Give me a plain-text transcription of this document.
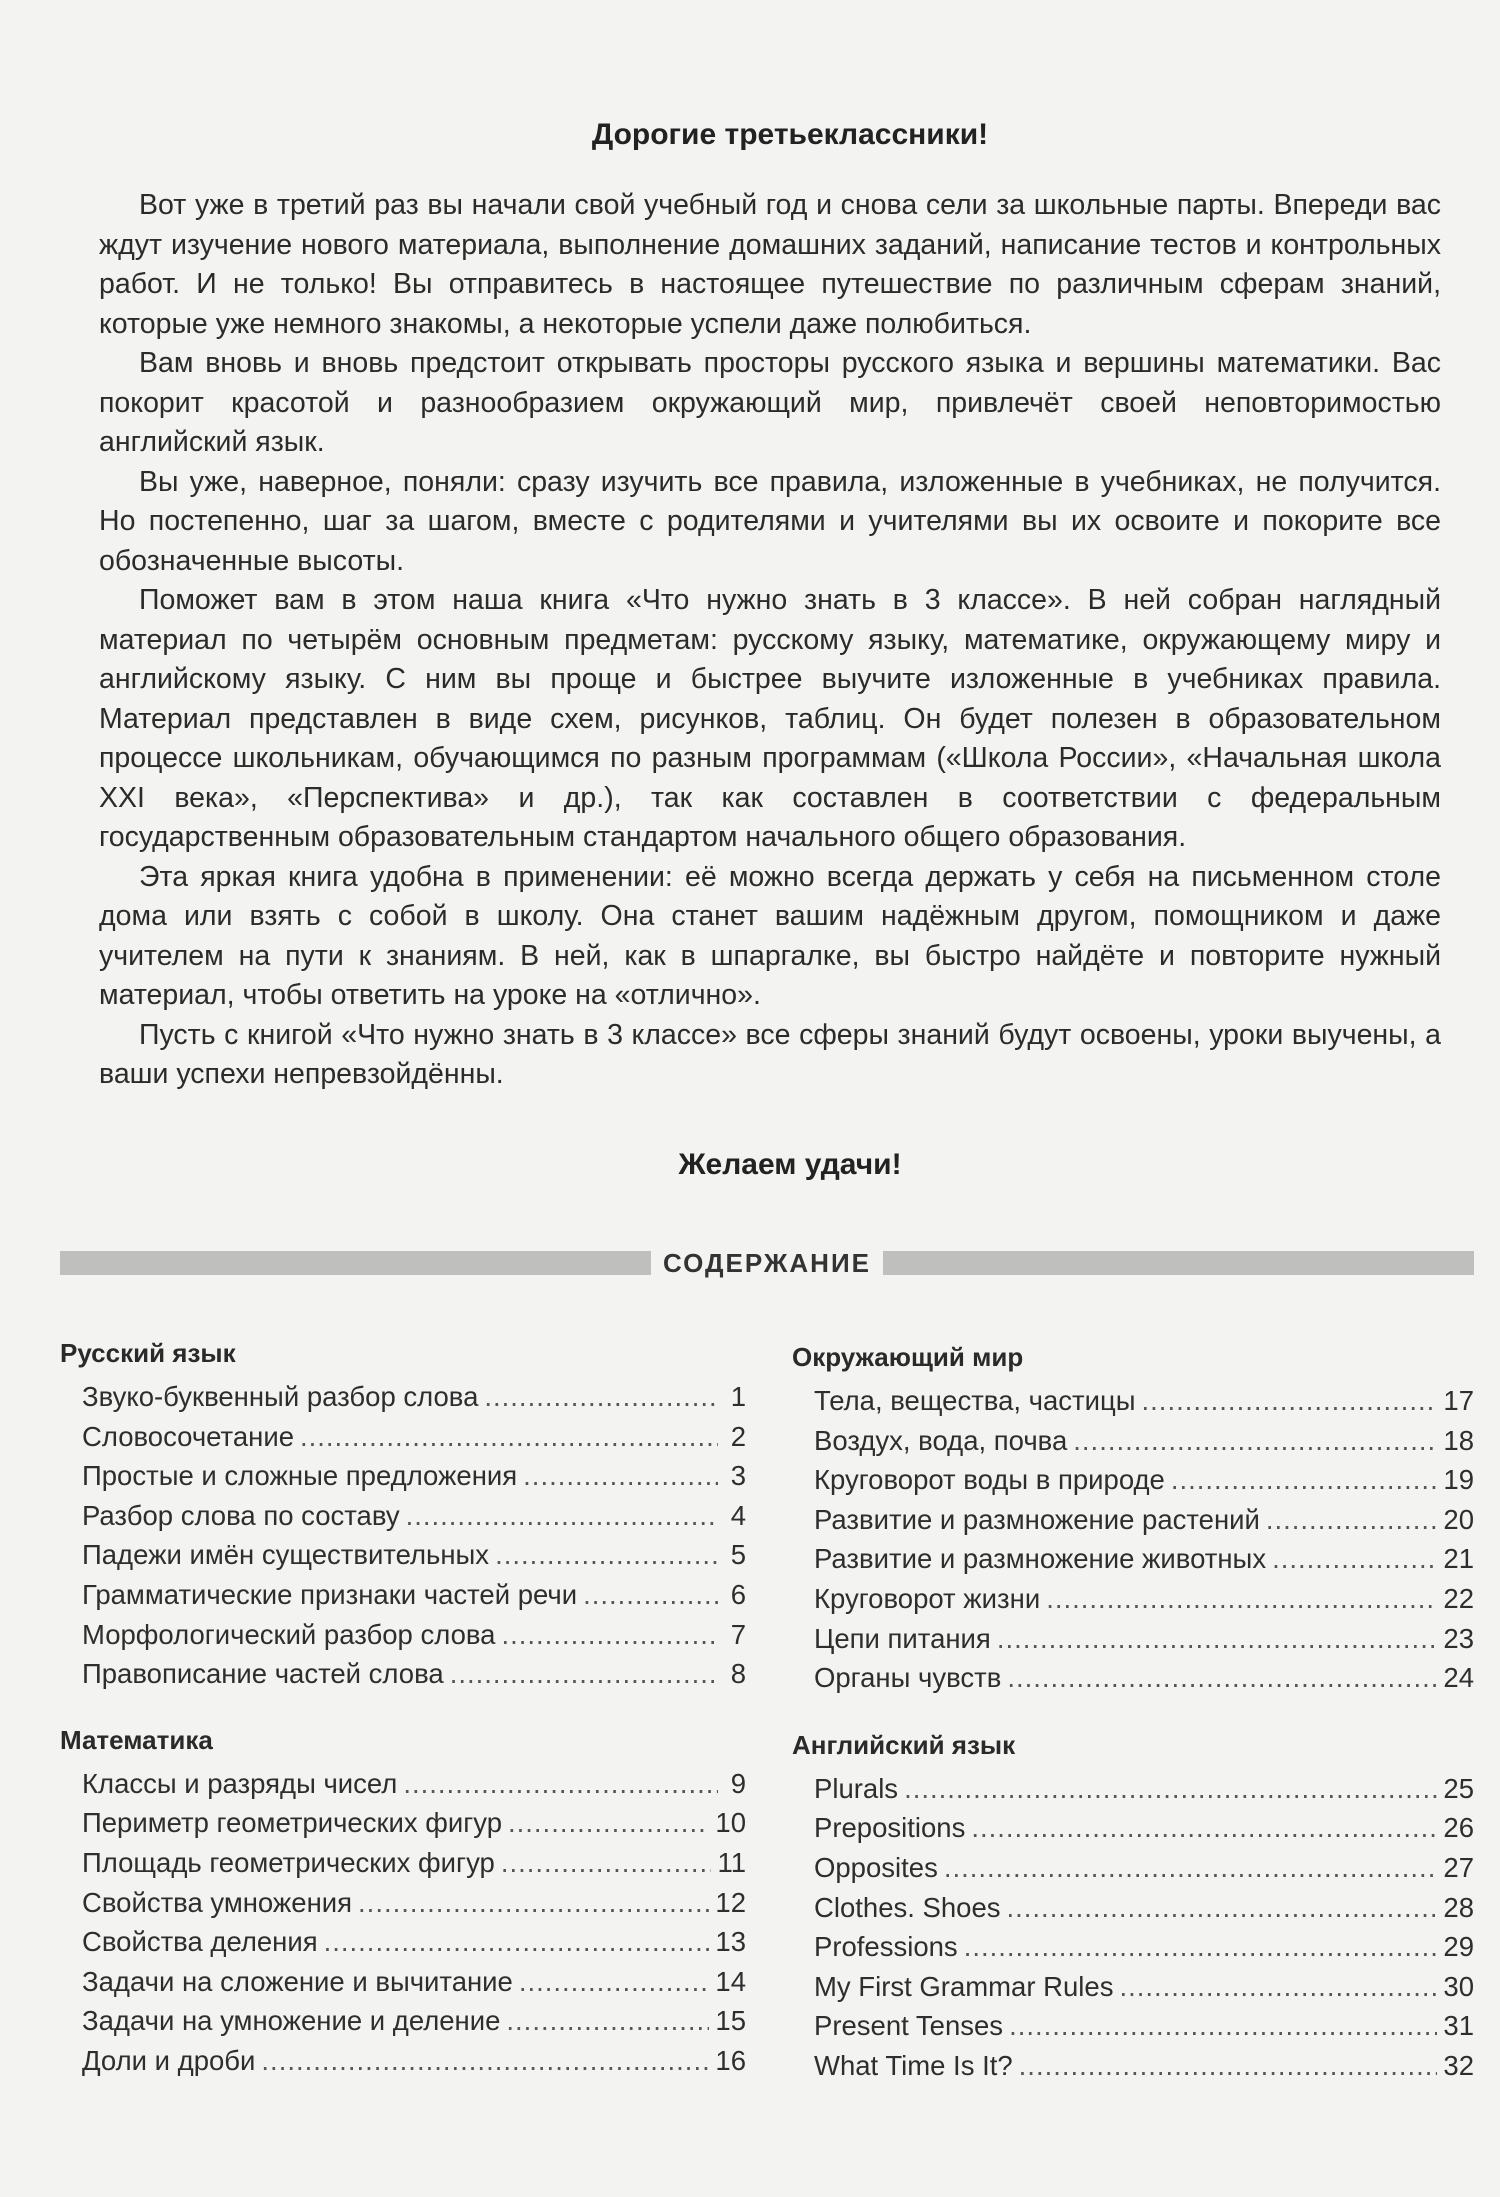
Дорогие третьеклассники!

Вот уже в третий раз вы начали свой учебный год и снова сели за школьные парты. Впереди вас ждут изучение нового материала, выполнение домашних заданий, написание тестов и контрольных работ. И не только! Вы отправитесь в настоящее путешествие по различным сферам знаний, которые уже немного знакомы, а некоторые успели даже полюбиться.

Вам вновь и вновь предстоит открывать просторы русского языка и вершины математики. Вас покорит красотой и разнообразием окружающий мир, привлечёт своей неповторимостью английский язык.

Вы уже, наверное, поняли: сразу изучить все правила, изложенные в учебниках, не получится. Но постепенно, шаг за шагом, вместе с родителями и учителями вы их освоите и покорите все обозначенные высоты.

Поможет вам в этом наша книга «Что нужно знать в 3 классе». В ней собран наглядный материал по четырём основным предметам: русскому языку, математике, окружающему миру и английскому языку. С ним вы проще и быстрее выучите изложенные в учебниках правила. Материал представлен в виде схем, рисунков, таблиц. Он будет полезен в образовательном процессе школьникам, обучающимся по разным программам («Школа России», «Начальная школа XXI века», «Перспектива» и др.), так как составлен в соответствии с федеральным государственным образовательным стандартом начального общего образования.

Эта яркая книга удобна в применении: её можно всегда держать у себя на письменном столе дома или взять с собой в школу. Она станет вашим надёжным другом, помощником и даже учителем на пути к знаниям. В ней, как в шпаргалке, вы быстро найдёте и повторите нужный материал, чтобы ответить на уроке на «отлично».

Пусть с книгой «Что нужно знать в 3 классе» все сферы знаний будут освоены, уроки выучены, а ваши успехи непревзойдённы.

Желаем удачи!
СОДЕРЖАНИЕ
Русский язык
Звуко-буквенный разбор слова .....	1
Словосочетание .....	2
Простые и сложные предложения .....	3
Разбор слова по составу .....	4
Падежи имён существительных .....	5
Грамматические признаки частей речи .....	6
Морфологический разбор слова .....	7
Правописание частей слова .....	8
Математика
Классы и разряды чисел .....	9
Периметр геометрических фигур .....	10
Площадь геометрических фигур .....	11
Свойства умножения .....	12
Свойства деления .....	13
Задачи на сложение и вычитание .....	14
Задачи на умножение и деление .....	15
Доли и дроби .....	16
Окружающий мир
Тела, вещества, частицы .....	17
Воздух, вода, почва .....	18
Круговорот воды в природе .....	19
Развитие и размножение растений .....	20
Развитие и размножение животных .....	21
Круговорот жизни .....	22
Цепи питания .....	23
Органы чувств .....	24
Английский язык
Plurals .....	25
Prepositions .....	26
Opposites .....	27
Clothes. Shoes .....	28
Professions .....	29
My First Grammar Rules .....	30
Present Tenses .....	31
What Time Is It? .....	32
